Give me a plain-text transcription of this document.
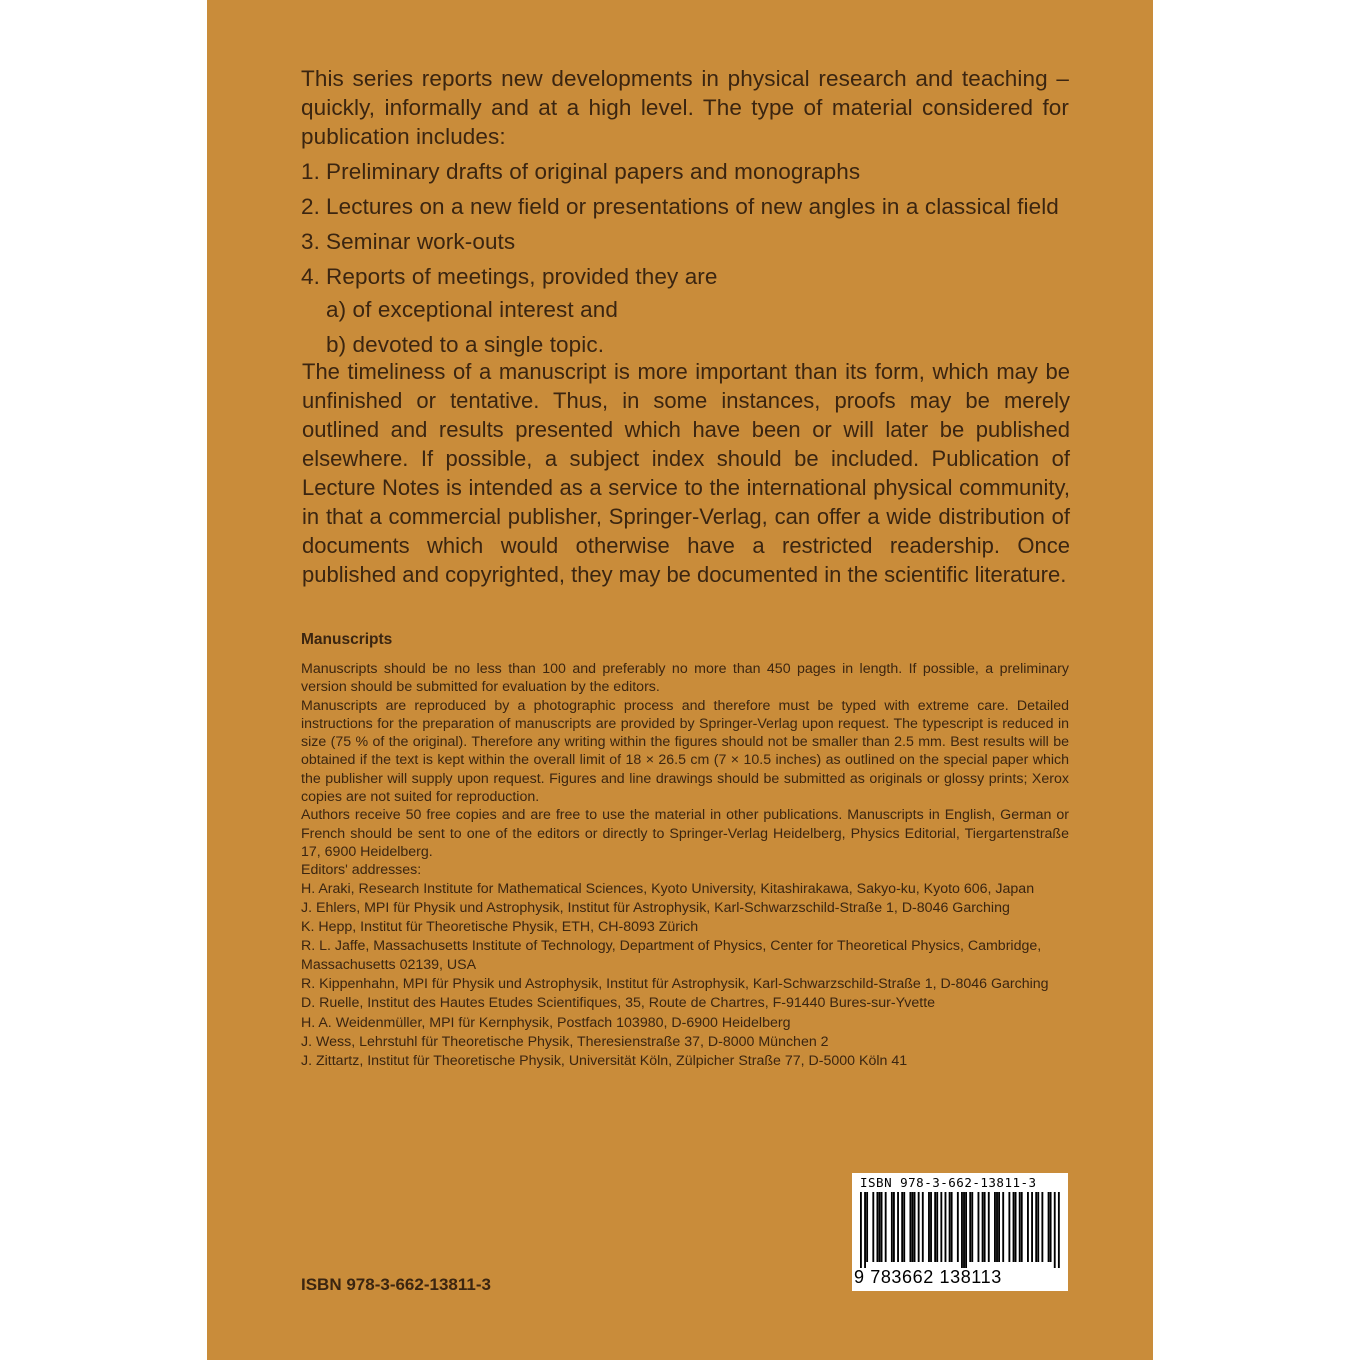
This series reports new developments in physical research and teaching – quickly, informally and at a high level. The type of material considered for publication includes:

1. Preliminary drafts of original papers and monographs
2. Lectures on a new field or presentations of new angles in a classical field
3. Seminar work-outs
4. Reports of meetings, provided they are
a) of exceptional interest and
b) devoted to a single topic.

The timeliness of a manuscript is more important than its form, which may be unfinished or tentative. Thus, in some instances, proofs may be merely outlined and results presented which have been or will later be published elsewhere. If possible, a subject index should be included. Publication of Lecture Notes is intended as a service to the international physical community, in that a commercial publisher, Springer-Verlag, can offer a wide distribution of documents which would otherwise have a restricted readership. Once published and copyrighted, they may be documented in the scientific literature.

Manuscripts

Manuscripts should be no less than 100 and preferably no more than 450 pages in length. If possible, a preliminary version should be submitted for evaluation by the editors.

Manuscripts are reproduced by a photographic process and therefore must be typed with extreme care. Detailed instructions for the preparation of manuscripts are provided by Springer-Verlag upon request. The typescript is reduced in size (75 % of the original). Therefore any writing within the figures should not be smaller than 2.5 mm. Best results will be obtained if the text is kept within the overall limit of 18 × 26.5 cm (7 × 10.5 inches) as outlined on the special paper which the publisher will supply upon request. Figures and line drawings should be submitted as originals or glossy prints; Xerox copies are not suited for reproduction.

Authors receive 50 free copies and are free to use the material in other publications. Manuscripts in English, German or French should be sent to one of the editors or directly to Springer-Verlag Heidelberg, Physics Editorial, Tiergartenstraße 17, 6900 Heidelberg.

Editors' addresses:

H. Araki, Research Institute for Mathematical Sciences, Kyoto University, Kitashirakawa, Sakyo-ku, Kyoto 606, Japan

J. Ehlers, MPI für Physik und Astrophysik, Institut für Astrophysik, Karl-Schwarzschild-Straße 1, D-8046 Garching

K. Hepp, Institut für Theoretische Physik, ETH, CH-8093 Zürich

R. L. Jaffe, Massachusetts Institute of Technology, Department of Physics, Center for Theoretical Physics, Cambridge, Massachusetts 02139, USA

R. Kippenhahn, MPI für Physik und Astrophysik, Institut für Astrophysik, Karl-Schwarzschild-Straße 1, D-8046 Garching

D. Ruelle, Institut des Hautes Etudes Scientifiques, 35, Route de Chartres, F-91440 Bures-sur-Yvette

H. A. Weidenmüller, MPI für Kernphysik, Postfach 103980, D-6900 Heidelberg

J. Wess, Lehrstuhl für Theoretische Physik, Theresienstraße 37, D-8000 München 2

J. Zittartz, Institut für Theoretische Physik, Universität Köln, Zülpicher Straße 77, D-5000 Köln 41

ISBN 978-3-662-13811-3
ISBN 978-3-662-13811-3
9 783662 138113
